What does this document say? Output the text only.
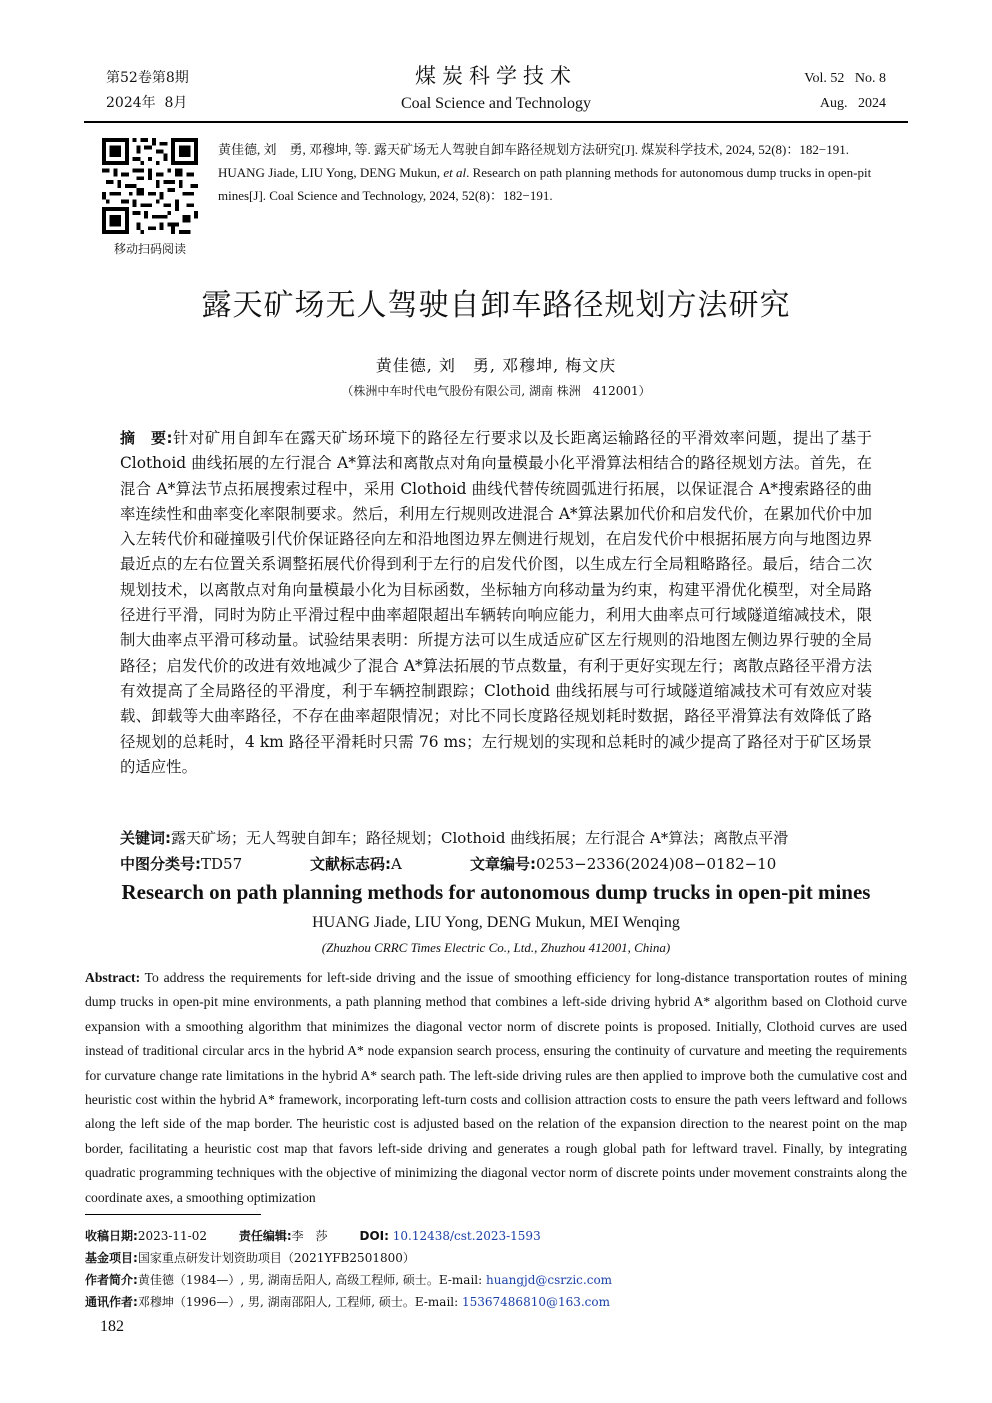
第52卷第8期
2024年  8月
煤炭科学技术
Coal Science and Technology
Vol. 52   No. 8
Aug.   2024
移动扫码阅读
黄佳德, 刘　勇, 邓穆坤, 等. 露天矿场无人驾驶自卸车路径规划方法研究[J]. 煤炭科学技术, 2024, 52(8)：182−191.
HUANG Jiade, LIU Yong, DENG Mukun, et al. Research on path planning methods for autonomous dump trucks in open-pit mines[J]. Coal Science and Technology, 2024, 52(8)：182−191.
露天矿场无人驾驶自卸车路径规划方法研究
黄佳德, 刘　勇, 邓穆坤, 梅文庆
（株洲中车时代电气股份有限公司, 湖南 株洲　412001）
摘　要:针对矿用自卸车在露天矿场环境下的路径左行要求以及长距离运输路径的平滑效率问题，提出了基于 Clothoid 曲线拓展的左行混合 A*算法和离散点对角向量模最小化平滑算法相结合的路径规划方法。首先，在混合 A*算法节点拓展搜索过程中，采用 Clothoid 曲线代替传统圆弧进行拓展，以保证混合 A*搜索路径的曲率连续性和曲率变化率限制要求。然后，利用左行规则改进混合 A*算法累加代价和启发代价，在累加代价中加入左转代价和碰撞吸引代价保证路径向左和沿地图边界左侧进行规划，在启发代价中根据拓展方向与地图边界最近点的左右位置关系调整拓展代价得到利于左行的启发代价图，以生成左行全局粗略路径。最后，结合二次规划技术，以离散点对角向量模最小化为目标函数，坐标轴方向移动量为约束，构建平滑优化模型，对全局路径进行平滑，同时为防止平滑过程中曲率超限超出车辆转向响应能力，利用大曲率点可行域隧道缩减技术，限制大曲率点平滑可移动量。试验结果表明：所提方法可以生成适应矿区左行规则的沿地图左侧边界行驶的全局路径；启发代价的改进有效地减少了混合 A*算法拓展的节点数量，有利于更好实现左行；离散点路径平滑方法有效提高了全局路径的平滑度，利于车辆控制跟踪；Clothoid 曲线拓展与可行域隧道缩减技术可有效应对装载、卸载等大曲率路径，不存在曲率超限情况；对比不同长度路径规划耗时数据，路径平滑算法有效降低了路径规划的总耗时，4 km 路径平滑耗时只需 76 ms；左行规划的实现和总耗时的减少提高了路径对于矿区场景的适应性。
关键词:露天矿场；无人驾驶自卸车；路径规划；Clothoid 曲线拓展；左行混合 A*算法；离散点平滑
中图分类号:TD57	文献标志码:A	文章编号:0253−2336(2024)08−0182−10
Research on path planning methods for autonomous dump trucks in open-pit mines
HUANG Jiade, LIU Yong, DENG Mukun, MEI Wenqing
(Zhuzhou CRRC Times Electric Co., Ltd., Zhuzhou 412001, China)
Abstract: To address the requirements for left-side driving and the issue of smoothing efficiency for long-distance transportation routes of mining dump trucks in open-pit mine environments, a path planning method that combines a left-side driving hybrid A* algorithm based on Clothoid curve expansion with a smoothing algorithm that minimizes the diagonal vector norm of discrete points is proposed. Initially, Clothoid curves are used instead of traditional circular arcs in the hybrid A* node expansion search process, ensuring the continuity of curvature and meeting the requirements for curvature change rate limitations in the hybrid A* search path. The left-side driving rules are then applied to improve both the cumulative cost and heuristic cost within the hybrid A* framework, incorporating left-turn costs and collision attraction costs to ensure the path veers leftward and follows along the left side of the map border. The heuristic cost is adjusted based on the relation of the expansion direction to the nearest point on the map border, facilitating a heuristic cost map that favors left-side driving and generates a rough global path for leftward travel. Finally, by integrating quadratic programming techniques with the objective of minimizing the diagonal vector norm of discrete points under movement constraints along the coordinate axes, a smoothing optimization
收稿日期:2023-11-02	责任编辑:李　莎	DOI: 10.12438/cst.2023-1593
基金项目:国家重点研发计划资助项目（2021YFB2501800）
作者简介:黄佳德（1984—）, 男, 湖南岳阳人, 高级工程师, 硕士。E-mail: huangjd@csrzic.com
通讯作者:邓穆坤（1996—）, 男, 湖南邵阳人, 工程师, 硕士。E-mail: 15367486810@163.com
182
